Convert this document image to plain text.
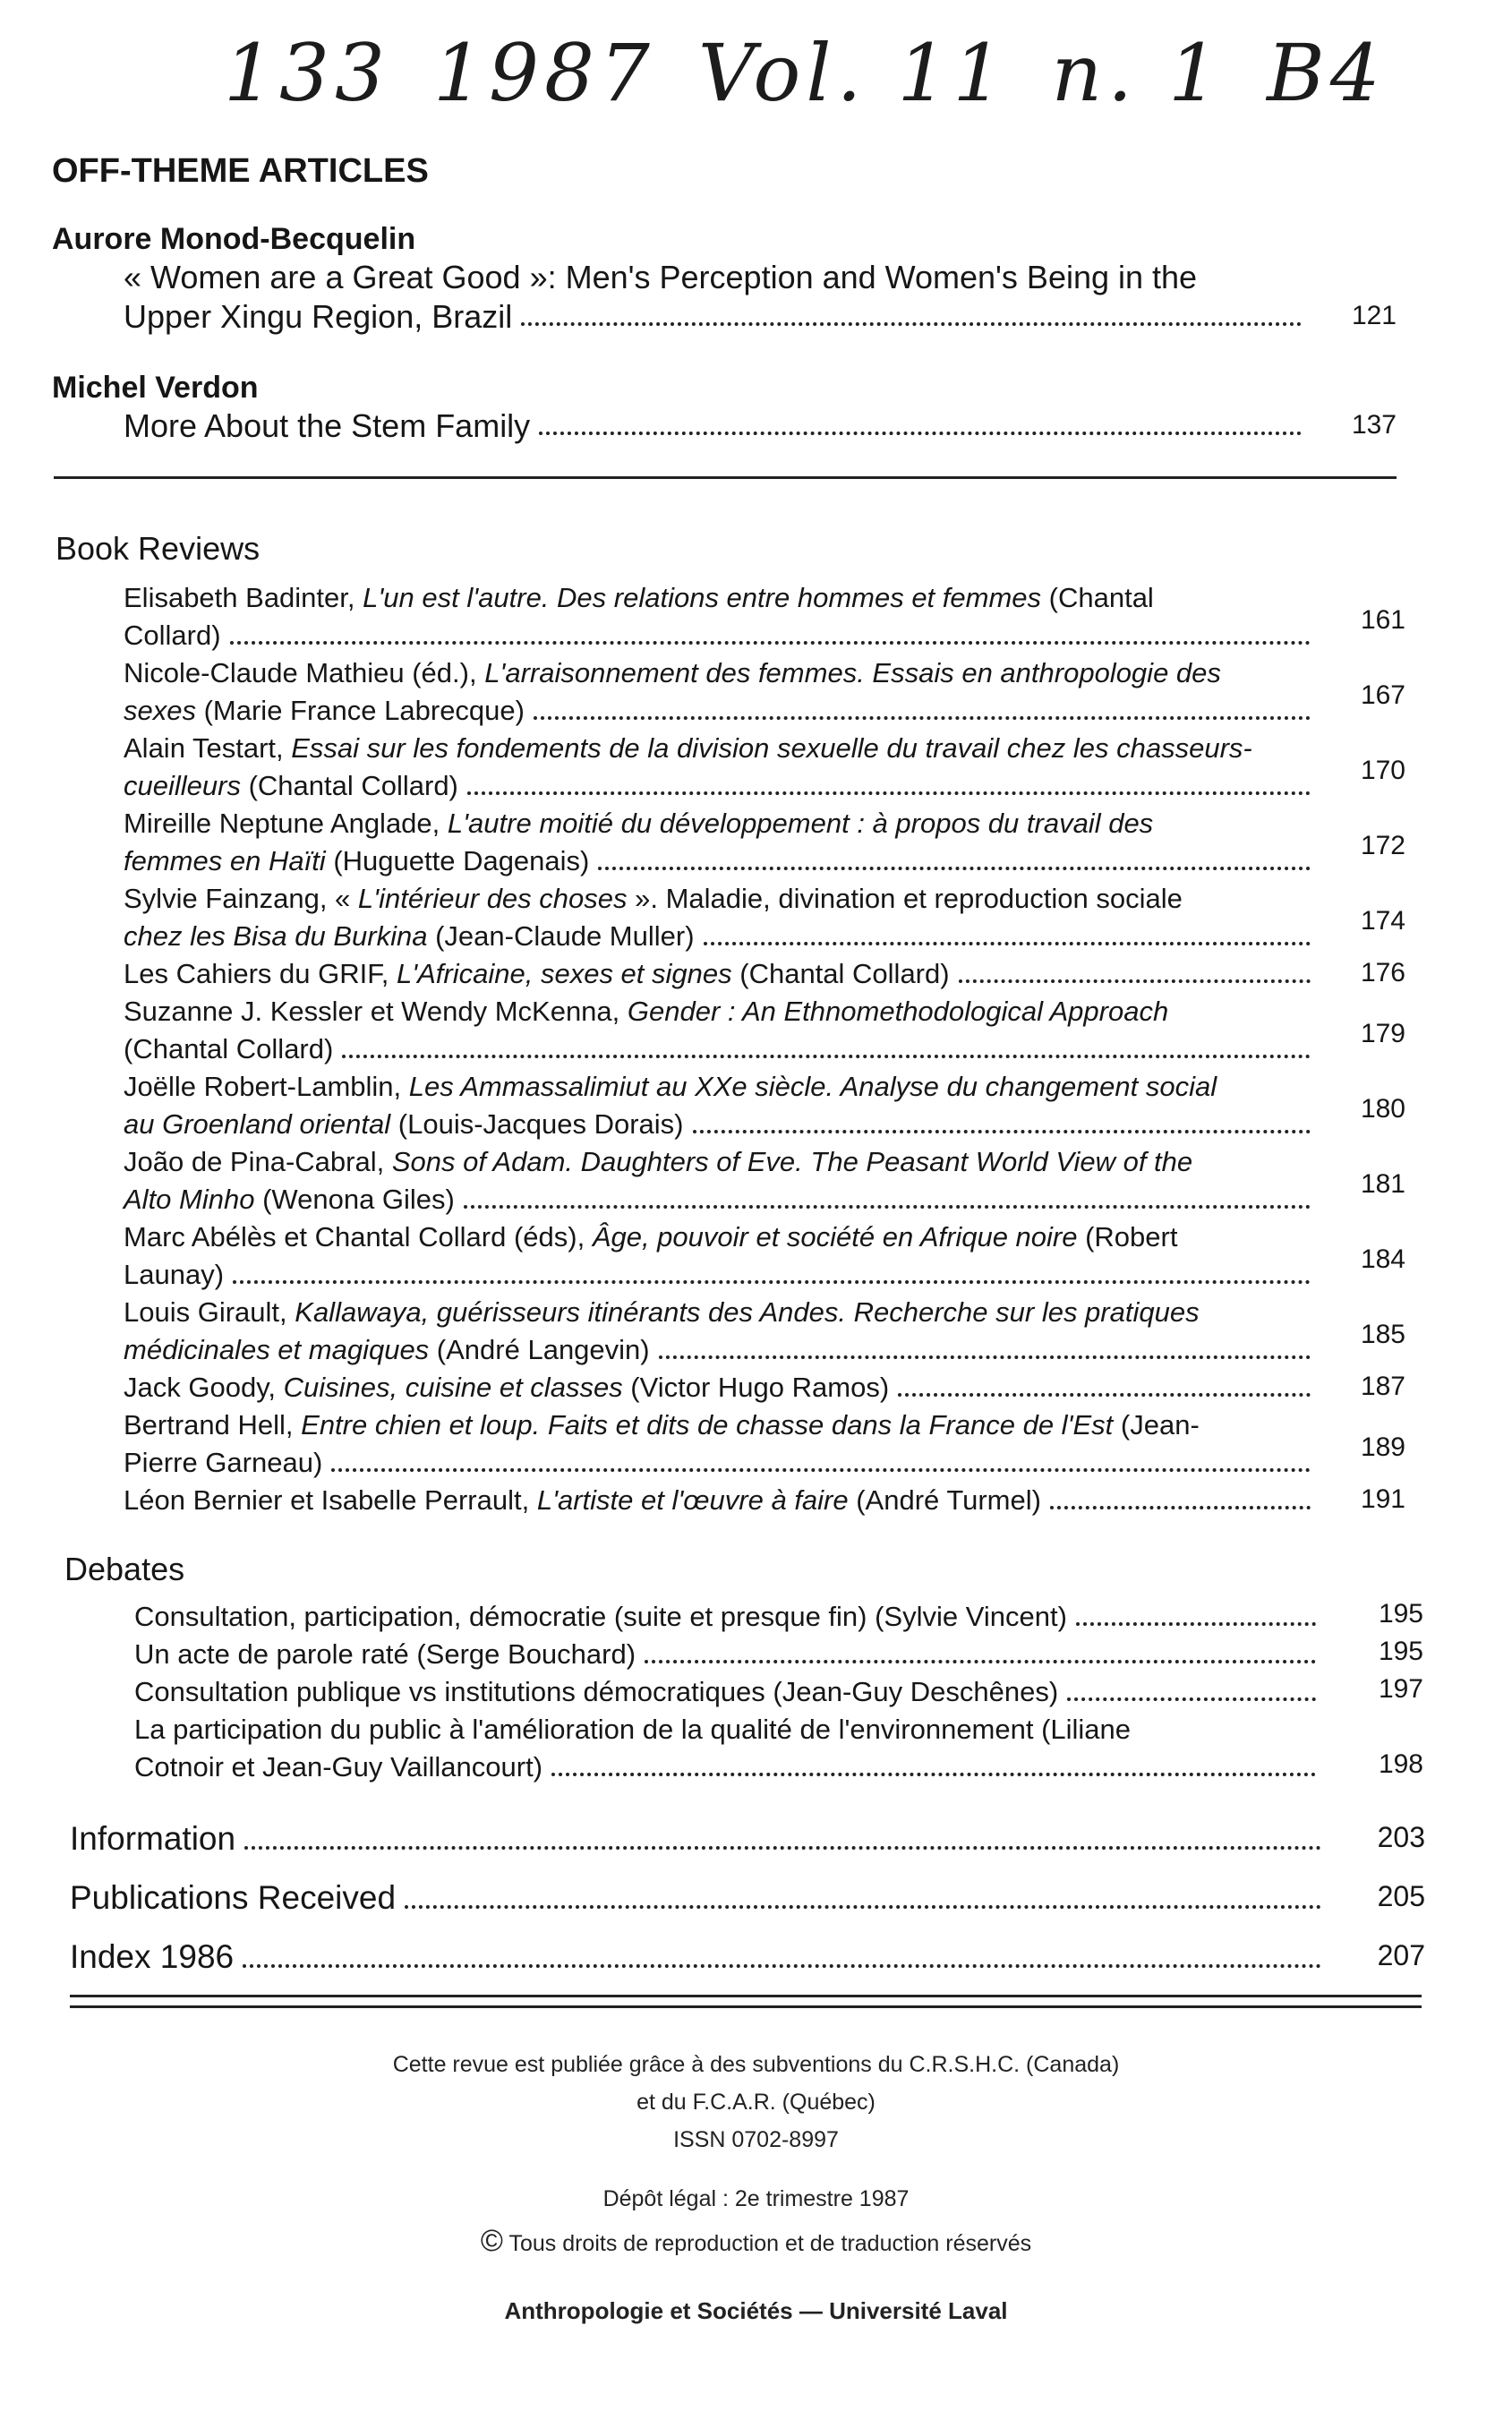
133 1987 Vol. 11 n. 1 B4
OFF-THEME ARTICLES
Aurore Monod-Becquelin
« Women are a Great Good »: Men's Perception and Women's Being in the
Upper Xingu Region, Brazil	121
Michel Verdon
More About the Stem Family	137
Book Reviews
Elisabeth Badinter, L'un est l'autre. Des relations entre hommes et femmes (Chantal
Collard)	161
Nicole-Claude Mathieu (éd.), L'arraisonnement des femmes. Essais en anthropologie des
sexes (Marie France Labrecque)	167
Alain Testart, Essai sur les fondements de la division sexuelle du travail chez les chasseurs-
cueilleurs (Chantal Collard)	170
Mireille Neptune Anglade, L'autre moitié du développement : à propos du travail des
femmes en Haïti (Huguette Dagenais)	172
Sylvie Fainzang, « L'intérieur des choses ». Maladie, divination et reproduction sociale
chez les Bisa du Burkina (Jean-Claude Muller)	174
Les Cahiers du GRIF, L'Africaine, sexes et signes (Chantal Collard)	176
Suzanne J. Kessler et Wendy McKenna, Gender : An Ethnomethodological Approach
(Chantal Collard)	179
Joëlle Robert-Lamblin, Les Ammassalimiut au XXe siècle. Analyse du changement social
au Groenland oriental (Louis-Jacques Dorais)	180
João de Pina-Cabral, Sons of Adam. Daughters of Eve. The Peasant World View of the
Alto Minho (Wenona Giles)	181
Marc Abélès et Chantal Collard (éds), Âge, pouvoir et société en Afrique noire (Robert
Launay)	184
Louis Girault, Kallawaya, guérisseurs itinérants des Andes. Recherche sur les pratiques
médicinales et magiques (André Langevin)	185
Jack Goody, Cuisines, cuisine et classes (Victor Hugo Ramos)	187
Bertrand Hell, Entre chien et loup. Faits et dits de chasse dans la France de l'Est (Jean-
Pierre Garneau)	189
Léon Bernier et Isabelle Perrault, L'artiste et l'œuvre à faire (André Turmel)	191
Debates
Consultation, participation, démocratie (suite et presque fin) (Sylvie Vincent)	195
Un acte de parole raté (Serge Bouchard)	195
Consultation publique vs institutions démocratiques (Jean-Guy Deschênes)	197
La participation du public à l'amélioration de la qualité de l'environnement (Liliane
Cotnoir et Jean-Guy Vaillancourt)	198
Information	203
Publications Received	205
Index 1986	207
Cette revue est publiée grâce à des subventions du C.R.S.H.C. (Canada)
et du F.C.A.R. (Québec)
ISSN 0702-8997
Dépôt légal : 2e trimestre 1987
© Tous droits de reproduction et de traduction réservés
Anthropologie et Sociétés — Université Laval
